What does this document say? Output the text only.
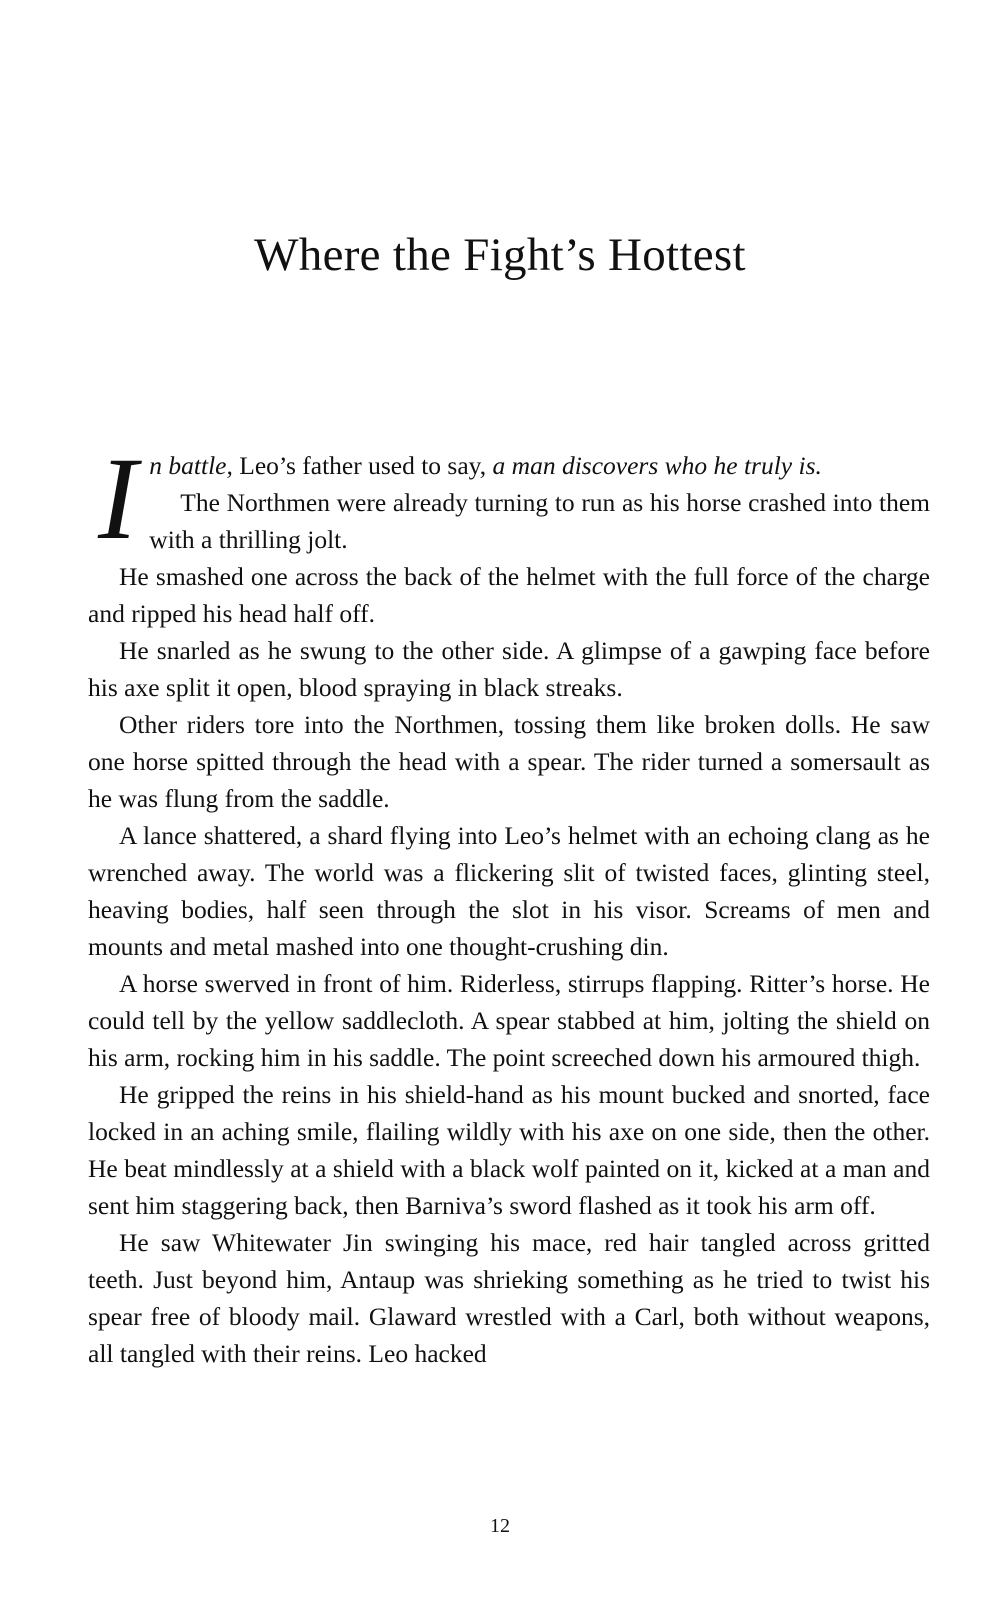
Where the Fight’s Hottest

I n battle, Leo’s father used to say, a man discovers who he truly is.

The Northmen were already turning to run as his horse crashed into them with a thrilling jolt.

He smashed one across the back of the helmet with the full force of the charge and ripped his head half off.

He snarled as he swung to the other side. A glimpse of a gawping face before his axe split it open, blood spraying in black streaks.

Other riders tore into the Northmen, tossing them like broken dolls. He saw one horse spitted through the head with a spear. The rider turned a somersault as he was flung from the saddle.

A lance shattered, a shard flying into Leo’s helmet with an echoing clang as he wrenched away. The world was a flickering slit of twisted faces, glinting steel, heaving bodies, half seen through the slot in his visor. Screams of men and mounts and metal mashed into one thought-crushing din.

A horse swerved in front of him. Riderless, stirrups flapping. Ritter’s horse. He could tell by the yellow saddlecloth. A spear stabbed at him, jolting the shield on his arm, rocking him in his saddle. The point screeched down his armoured thigh.

He gripped the reins in his shield-hand as his mount bucked and snorted, face locked in an aching smile, flailing wildly with his axe on one side, then the other. He beat mindlessly at a shield with a black wolf painted on it, kicked at a man and sent him staggering back, then Barniva’s sword flashed as it took his arm off.

He saw Whitewater Jin swinging his mace, red hair tangled across gritted teeth. Just beyond him, Antaup was shrieking something as he tried to twist his spear free of bloody mail. Glaward wrestled with a Carl, both without weapons, all tangled with their reins. Leo hacked

12
